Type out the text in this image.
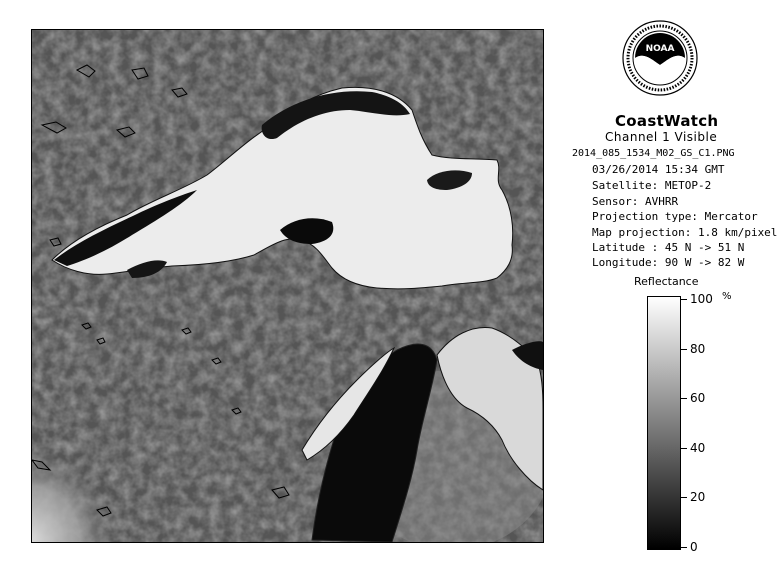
NOAA
CoastWatch
Channel 1 Visible
2014_085_1534_M02_GS_C1.PNG
03/26/2014 15:34 GMT
Satellite: METOP-2
Sensor: AVHRR
Projection type: Mercator
Map projection: 1.8 km/pixel
Latitude : 45 N -> 51 N
Longitude: 90 W -> 82 W
Reflectance
%
100
80
60
40
20
0
